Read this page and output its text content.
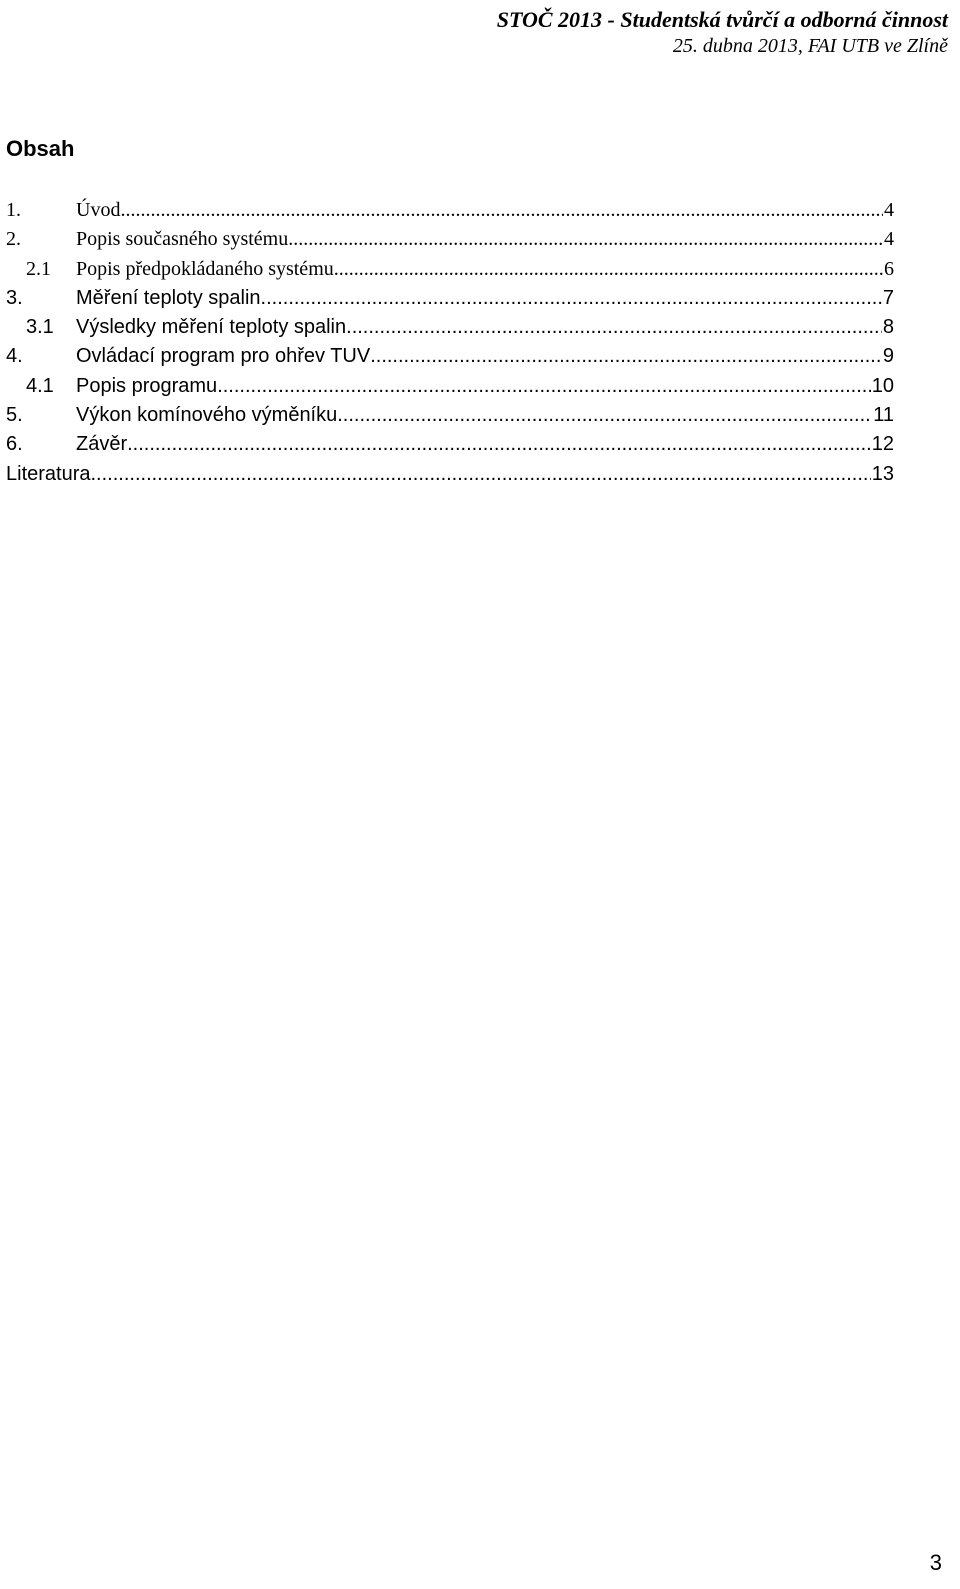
STOČ 2013 - Studentská tvůrčí a odborná činnost
25. dubna 2013, FAI UTB ve Zlíně
Obsah
1.	Úvod .....	4
2.	Popis současného systému .....	4
2.1	Popis předpokládaného systému .....	6
3.	Měření teploty spalin .....	7
3.1	Výsledky měření teploty spalin .....	8
4.	Ovládací program pro ohřev TUV .....	9
4.1	Popis programu .....	10
5.	Výkon komínového výměníku .....	11
6.	Závěr .....	12
Literatura .....	13
3
